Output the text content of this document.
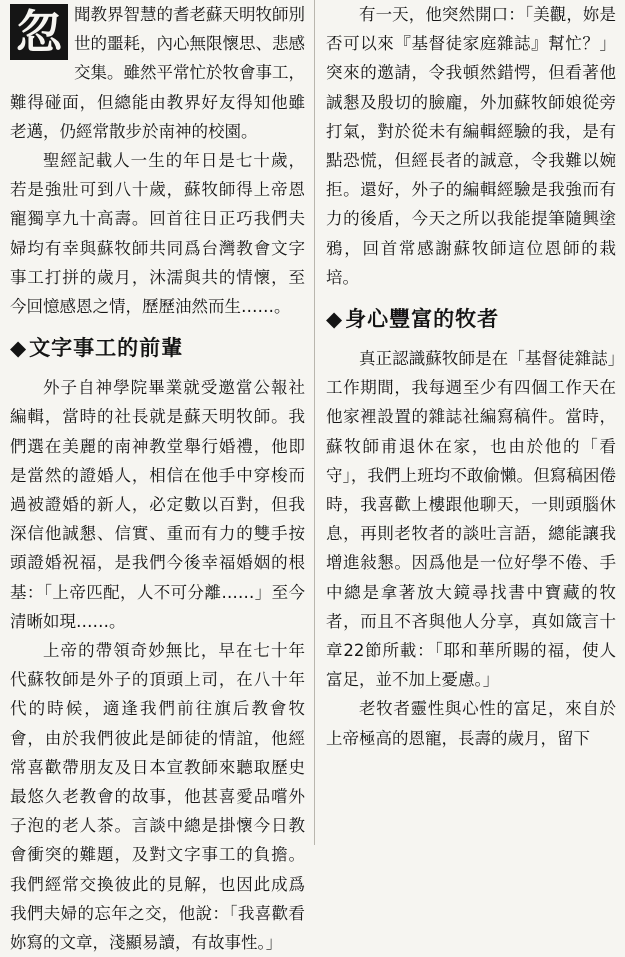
忽 聞教界智慧的耆老蘇天明牧師別世的噩耗，內心無限懷思、悲感交集。雖然平常忙於牧會事工，難得碰面，但總能由教界好友得知他雖老邁，仍經常散步於南神的校園。

聖經記載人一生的年日是七十歲，若是強壯可到八十歲，蘇牧師得上帝恩寵獨享九十高壽。回首往日正巧我們夫婦均有幸與蘇牧師共同爲台灣教會文字事工打拼的歲月，沐濡與共的情懷，至今回憶感恩之情，歷歷油然而生……。

◆文字事工的前輩

外子自神學院畢業就受邀當公報社編輯，當時的社長就是蘇天明牧師。我們選在美麗的南神教堂舉行婚禮，他即是當然的證婚人，相信在他手中穿梭而過被證婚的新人，必定數以百對，但我深信他誠懇、信實、重而有力的雙手按頭證婚祝福，是我們今後幸福婚姻的根基：「上帝匹配，人不可分離……」至今清晰如現……。

上帝的帶領奇妙無比，早在七十年代蘇牧師是外子的頂頭上司，在八十年代的時候，適逢我們前往旗后教會牧會，由於我們彼此是師徒的情誼，他經常喜歡帶朋友及日本宣教師來聽取歷史最悠久老教會的故事，他甚喜愛品嚐外子泡的老人茶。言談中總是掛懷今日教會衝突的難題，及對文字事工的負擔。我們經常交換彼此的見解，也因此成爲我們夫婦的忘年之交，他說：「我喜歡看妳寫的文章，淺顯易讀，有故事性。」

有一天，他突然開口：「美觀，妳是否可以來『基督徒家庭雜誌』幫忙？」突來的邀請，令我頓然錯愕，但看著他誠懇及殷切的臉龐，外加蘇牧師娘從旁打氣，對於從未有編輯經驗的我，是有點恐慌，但經長者的誠意，令我難以婉拒。還好，外子的編輯經驗是我強而有力的後盾，今天之所以我能提筆隨興塗鴉，回首常感謝蘇牧師這位恩師的栽培。

◆身心豐富的牧者

真正認識蘇牧師是在「基督徒雜誌」工作期間，我每週至少有四個工作天在他家裡設置的雜誌社編寫稿件。當時，蘇牧師甫退休在家，也由於他的「看守」，我們上班均不敢偷懶。但寫稿困倦時，我喜歡上樓跟他聊天，一則頭腦休息，再則老牧者的談吐言語，總能讓我增進敍懇。因爲他是一位好學不倦、手中總是拿著放大鏡尋找書中寶藏的牧者，而且不吝與他人分享，真如箴言十章22節所載：「耶和華所賜的福，使人富足，並不加上憂慮。」

老牧者靈性與心性的富足，來自於上帝極高的恩寵，長壽的歲月，留下
